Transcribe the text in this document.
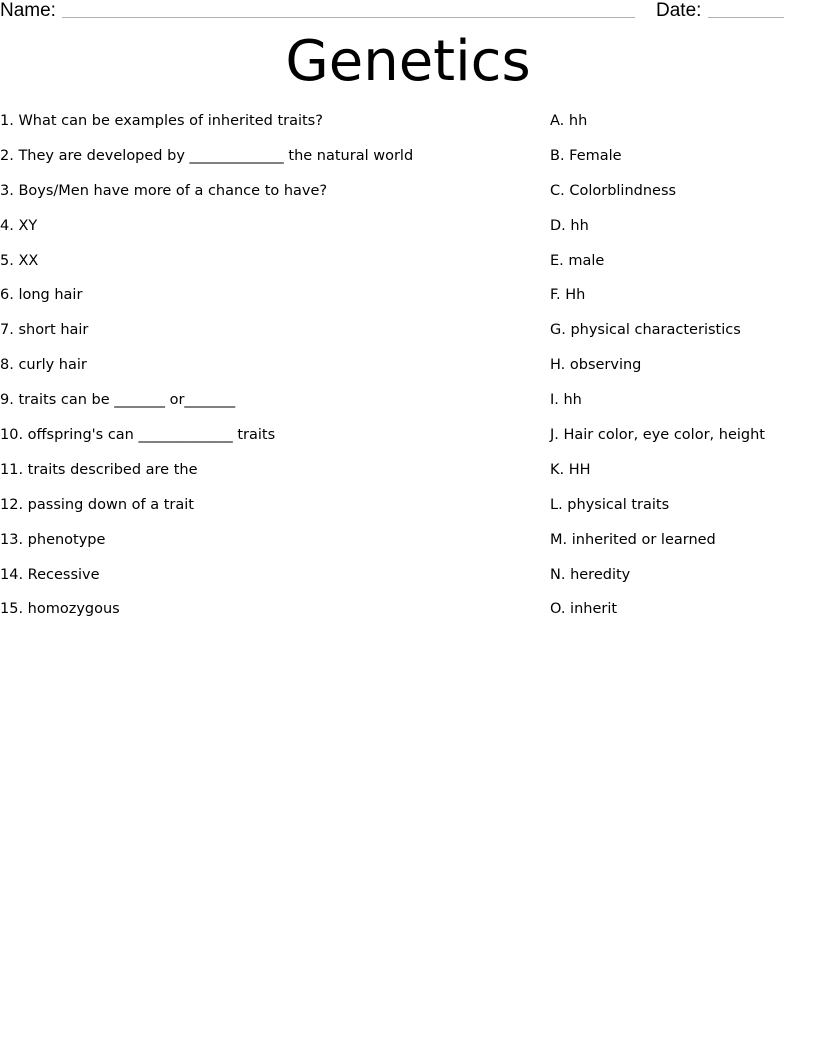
Name:	Date:
Genetics
1. What can be examples of inherited traits?
2. They are developed by _____________ the natural world
3. Boys/Men have more of a chance to have?
4. XY
5. XX
6. long hair
7. short hair
8. curly hair
9. traits can be _______ or_______
10. offspring's can _____________ traits
11. traits described are the
12. passing down of a trait
13. phenotype
14. Recessive
15. homozygous
A. hh
B. Female
C. Colorblindness
D. hh
E. male
F. Hh
G. physical characteristics
H. observing
I. hh
J. Hair color, eye color, height
K. HH
L. physical traits
M. inherited or learned
N. heredity
O. inherit
